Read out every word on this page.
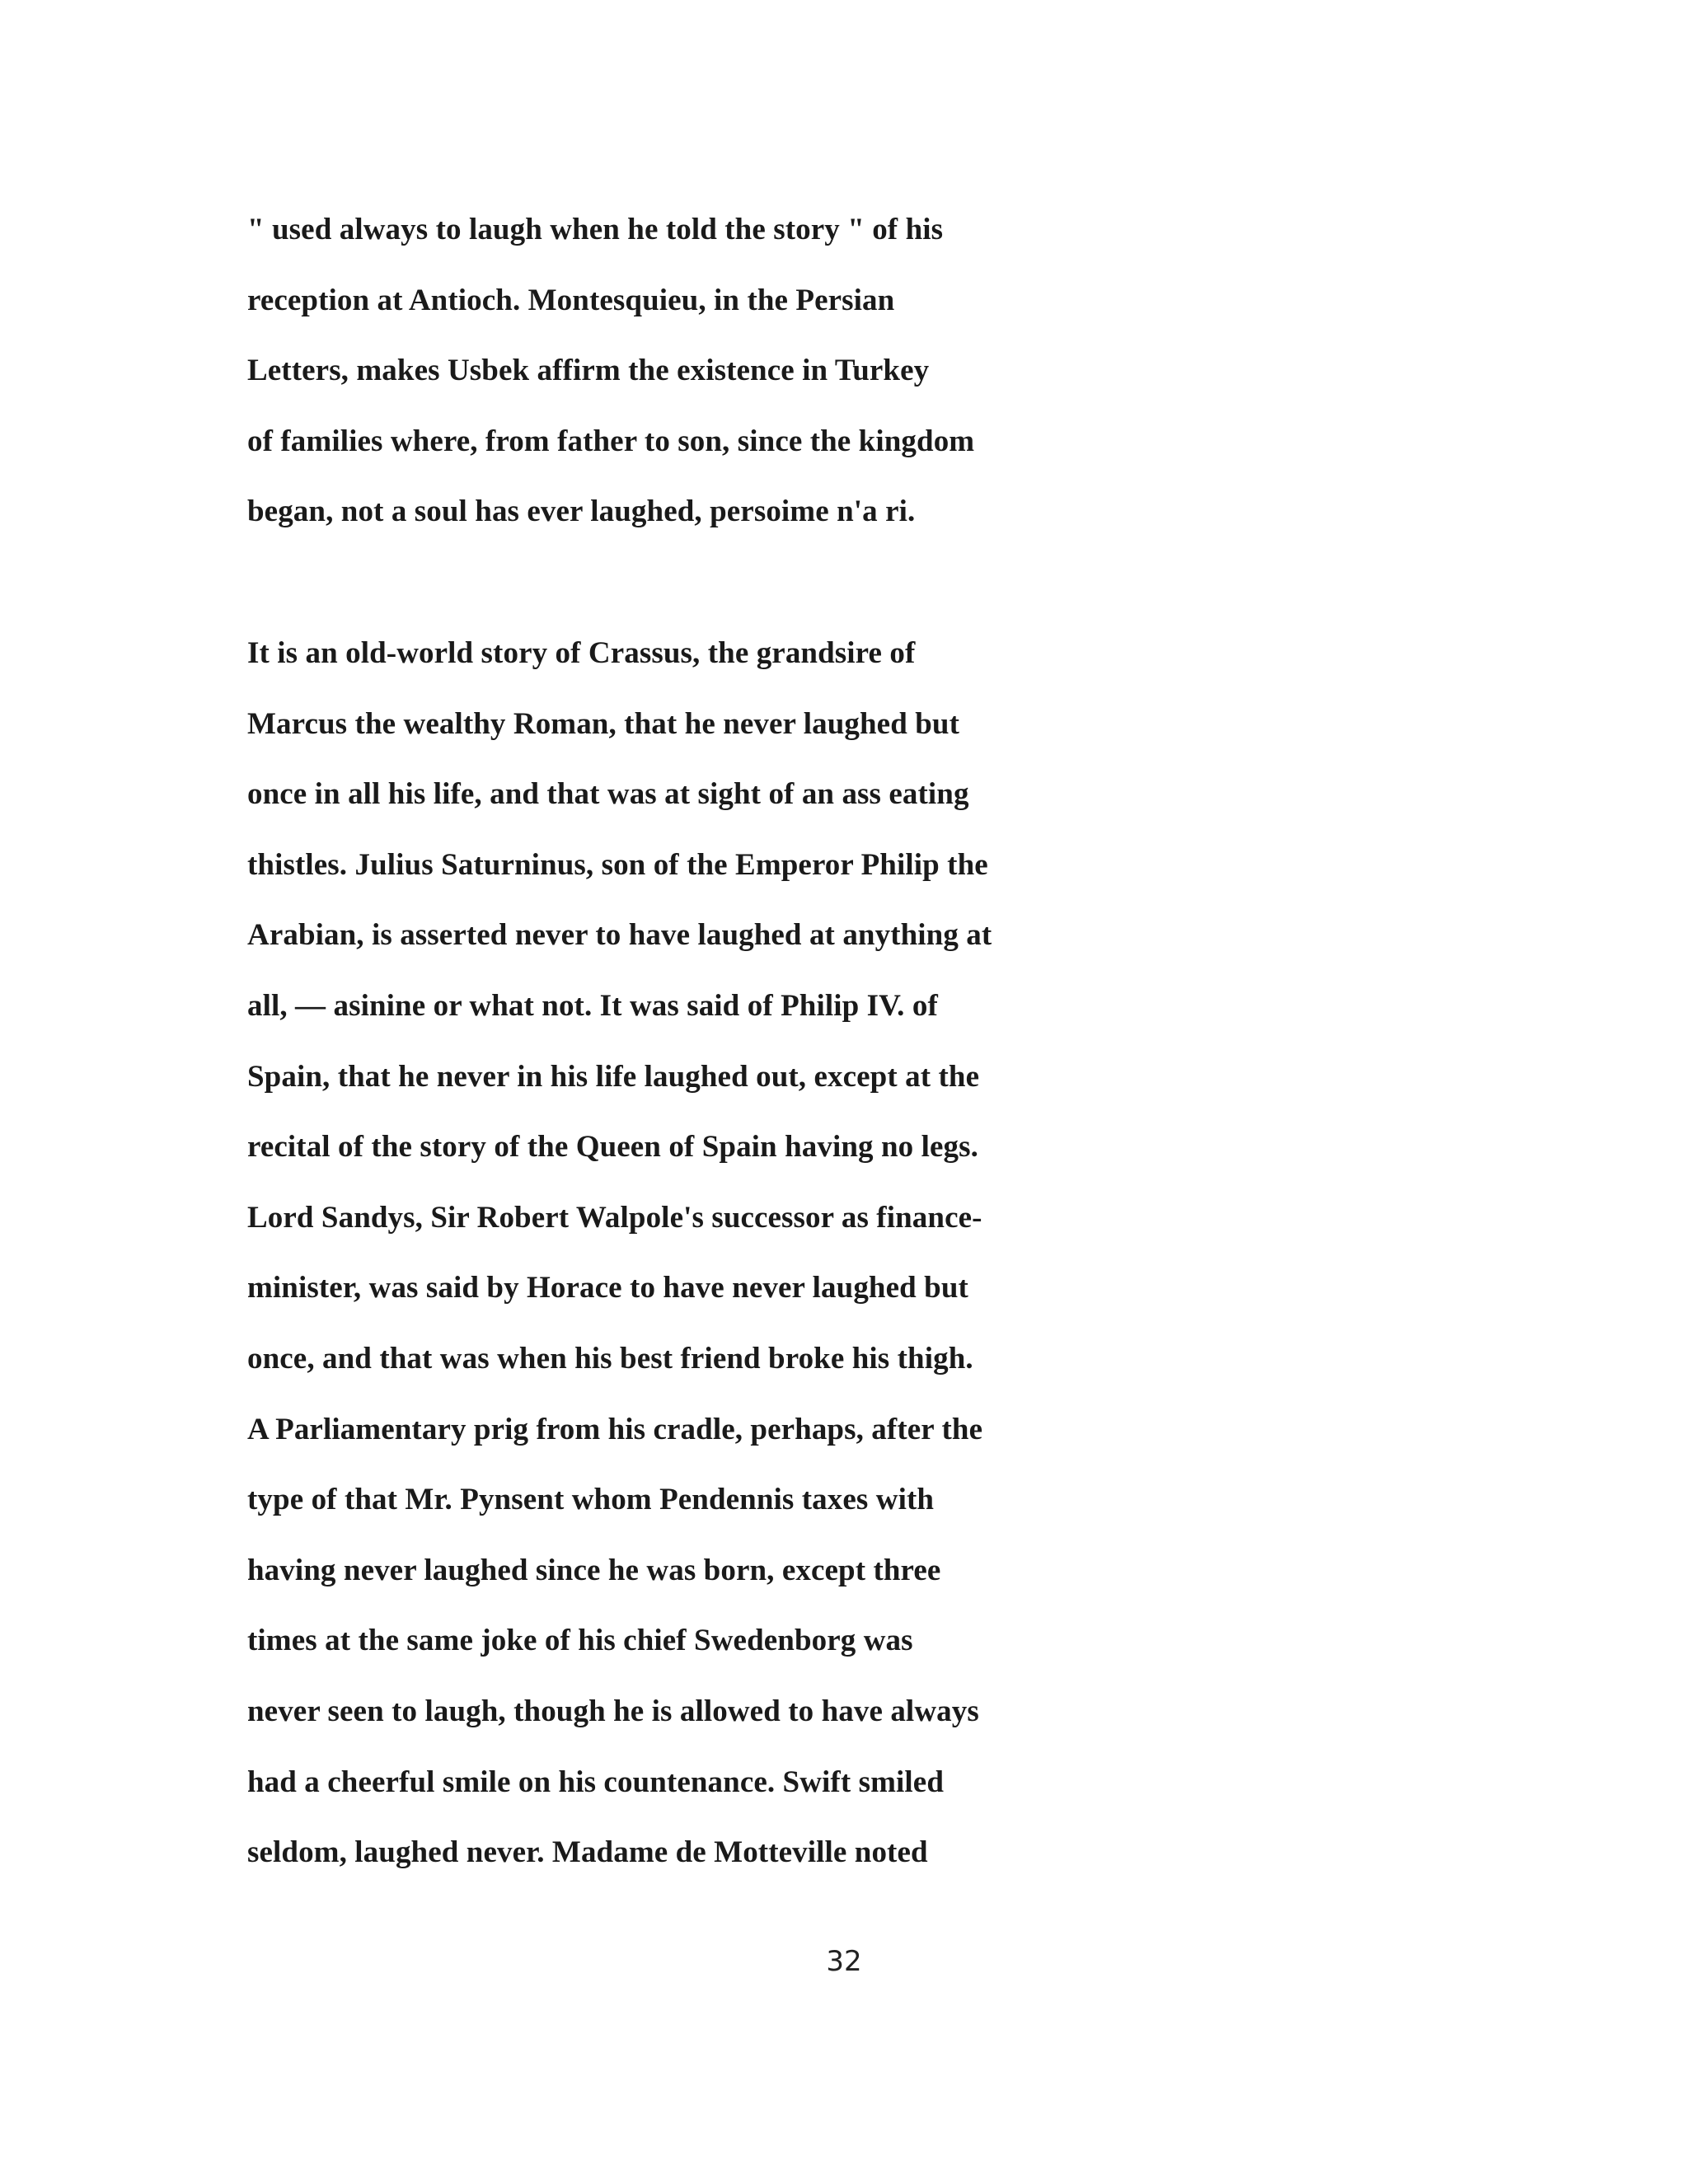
" used always to laugh when he told the story " of his
reception at Antioch. Montesquieu, in the Persian
Letters, makes Usbek affirm the existence in Turkey
of families where, from father to son, since the kingdom
began, not a soul has ever laughed, persoime n'a ri.
It is an old-world story of Crassus, the grandsire of
Marcus the wealthy Roman, that he never laughed but
once in all his life, and that was at sight of an ass eating
thistles. Julius Saturninus, son of the Emperor Philip the
Arabian, is asserted never to have laughed at anything at
all, — asinine or what not. It was said of Philip IV. of
Spain, that he never in his life laughed out, except at the
recital of the story of the Queen of Spain having no legs.
Lord Sandys, Sir Robert Walpole's successor as finance-
minister, was said by Horace to have never laughed but
once, and that was when his best friend broke his thigh.
A Parliamentary prig from his cradle, perhaps, after the
type of that Mr. Pynsent whom Pendennis taxes with
having never laughed since he was born, except three
times at the same joke of his chief Swedenborg was
never seen to laugh, though he is allowed to have always
had a cheerful smile on his countenance. Swift smiled
seldom, laughed never. Madame de Motteville noted
32
